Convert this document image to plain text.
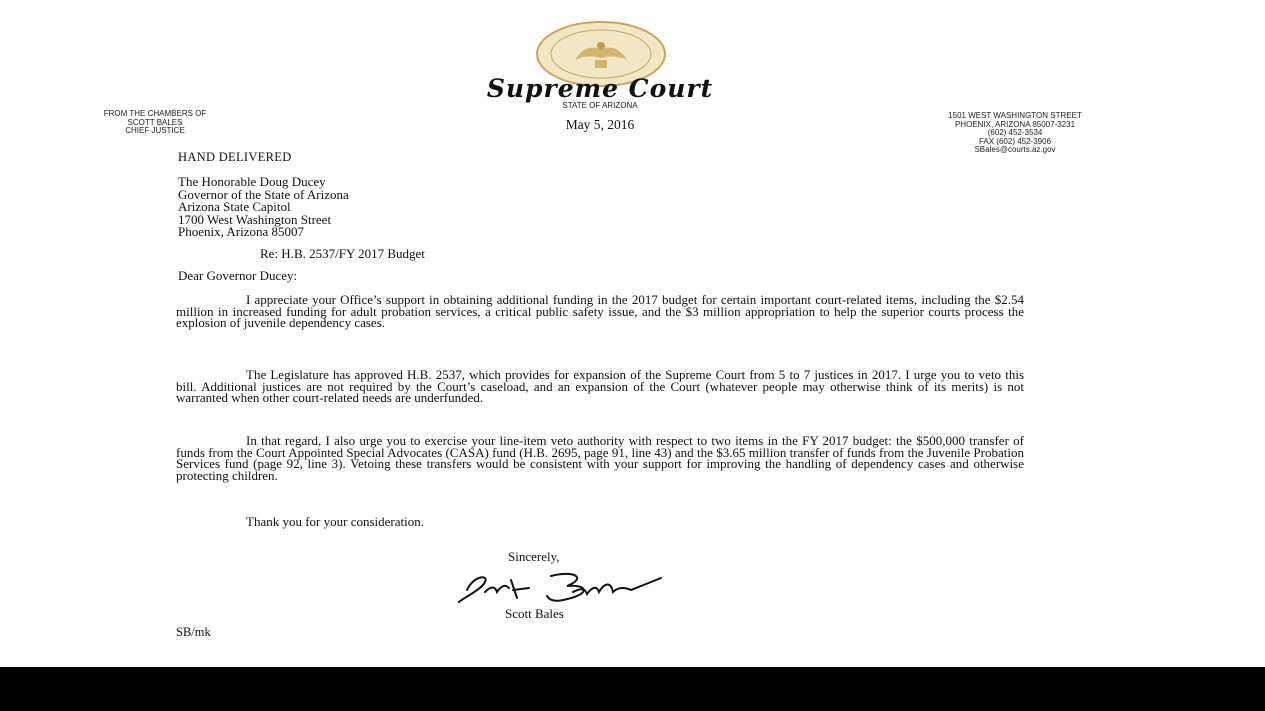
Supreme Court
STATE OF ARIZONA
May 5, 2016
FROM THE CHAMBERS OF
SCOTT BALES
CHIEF JUSTICE
1501 WEST WASHINGTON STREET
PHOENIX, ARIZONA 85007-3231
(602) 452-3534
FAX (602) 452-3906
SBales@courts.az.gov
HAND DELIVERED
The Honorable Doug Ducey
Governor of the State of Arizona
Arizona State Capitol
1700 West Washington Street
Phoenix, Arizona 85007
Re: H.B. 2537/FY 2017 Budget
Dear Governor Ducey:
I appreciate your Office’s support in obtaining additional funding in the 2017 budget for certain important court-related items, including the $2.54 million in increased funding for adult probation services, a critical public safety issue, and the $3 million appropriation to help the superior courts process the explosion of juvenile dependency cases.
The Legislature has approved H.B. 2537, which provides for expansion of the Supreme Court from 5 to 7 justices in 2017. I urge you to veto this bill. Additional justices are not required by the Court’s caseload, and an expansion of the Court (whatever people may otherwise think of its merits) is not warranted when other court-related needs are underfunded.
In that regard, I also urge you to exercise your line-item veto authority with respect to two items in the FY 2017 budget: the $500,000 transfer of funds from the Court Appointed Special Advocates (CASA) fund (H.B. 2695, page 91, line 43) and the $3.65 million transfer of funds from the Juvenile Probation Services fund (page 92, line 3). Vetoing these transfers would be consistent with your support for improving the handling of dependency cases and otherwise protecting children.
Thank you for your consideration.
Sincerely,
Scott Bales
SB/mk
